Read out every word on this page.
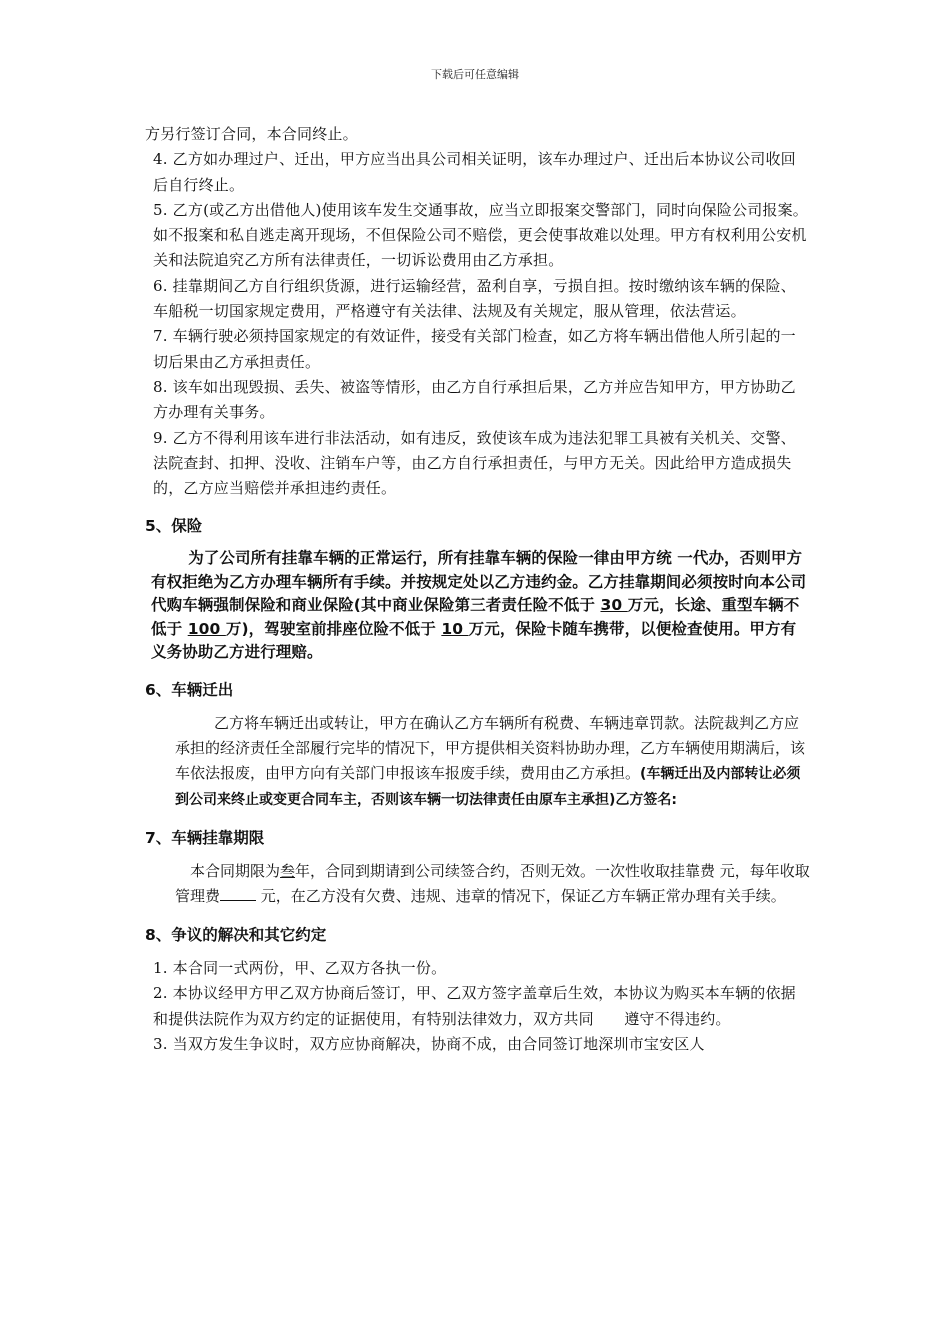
下载后可任意编辑

方另行签订合同，本合同终止。

4. 乙方如办理过户、迁出，甲方应当出具公司相关证明，该车办理过户、迁出后本协议公司收回后自行终止。

5. 乙方(或乙方出借他人)使用该车发生交通事故，应当立即报案交警部门，同时向保险公司报案。如不报案和私自逃走离开现场，不但保险公司不赔偿，更会使事故难以处理。甲方有权利用公安机关和法院追究乙方所有法律责任，一切诉讼费用由乙方承担。

6. 挂靠期间乙方自行组织货源，进行运输经营，盈利自享，亏损自担。按时缴纳该车辆的保险、车船税一切国家规定费用，严格遵守有关法律、法规及有关规定，服从管理，依法营运。

7. 车辆行驶必须持国家规定的有效证件，接受有关部门检查，如乙方将车辆出借他人所引起的一切后果由乙方承担责任。

8. 该车如出现毁损、丢失、被盗等情形，由乙方自行承担后果，乙方并应告知甲方，甲方协助乙方办理有关事务。

9. 乙方不得利用该车进行非法活动，如有违反，致使该车成为违法犯罪工具被有关机关、交警、法院查封、扣押、没收、注销车户等，由乙方自行承担责任，与甲方无关。因此给甲方造成损失的，乙方应当赔偿并承担违约责任。

5、保险

为了公司所有挂靠车辆的正常运行，所有挂靠车辆的保险一律由甲方统 一代办，否则甲方有权拒绝为乙方办理车辆所有手续。并按规定处以乙方违约金。乙方挂靠期间必须按时向本公司代购车辆强制保险和商业保险(其中商业保险第三者责任险不低于 30 万元，长途、重型车辆不低于 100 万)，驾驶室前排座位险不低于 10 万元，保险卡随车携带，以便检查使用。甲方有义务协助乙方进行理赔。

6、车辆迁出

乙方将车辆迁出或转让，甲方在确认乙方车辆所有税费、车辆违章罚款。法院裁判乙方应承担的经济责任全部履行完毕的情况下，甲方提供相关资料协助办理，乙方车辆使用期满后，该车依法报废，由甲方向有关部门申报该车报废手续，费用由乙方承担。(车辆迁出及内部转让必须到公司来终止或变更合同车主，否则该车辆一切法律责任由原车主承担)乙方签名:

7、车辆挂靠期限

本合同期限为叁年，合同到期请到公司续签合约，否则无效。一次性收取挂靠费 元，每年收取管理费 元，在乙方没有欠费、违规、违章的情况下，保证乙方车辆正常办理有关手续。

8、争议的解决和其它约定

1. 本合同一式两份，甲、乙双方各执一份。

2. 本协议经甲方甲乙双方协商后签订，甲、乙双方签字盖章后生效，本协议为购买本车辆的依据和提供法院作为双方约定的证据使用，有特别法律效力，双方共同　　遵守不得违约。

3. 当双方发生争议时，双方应协商解决，协商不成，由合同签订地深圳市宝安区人
